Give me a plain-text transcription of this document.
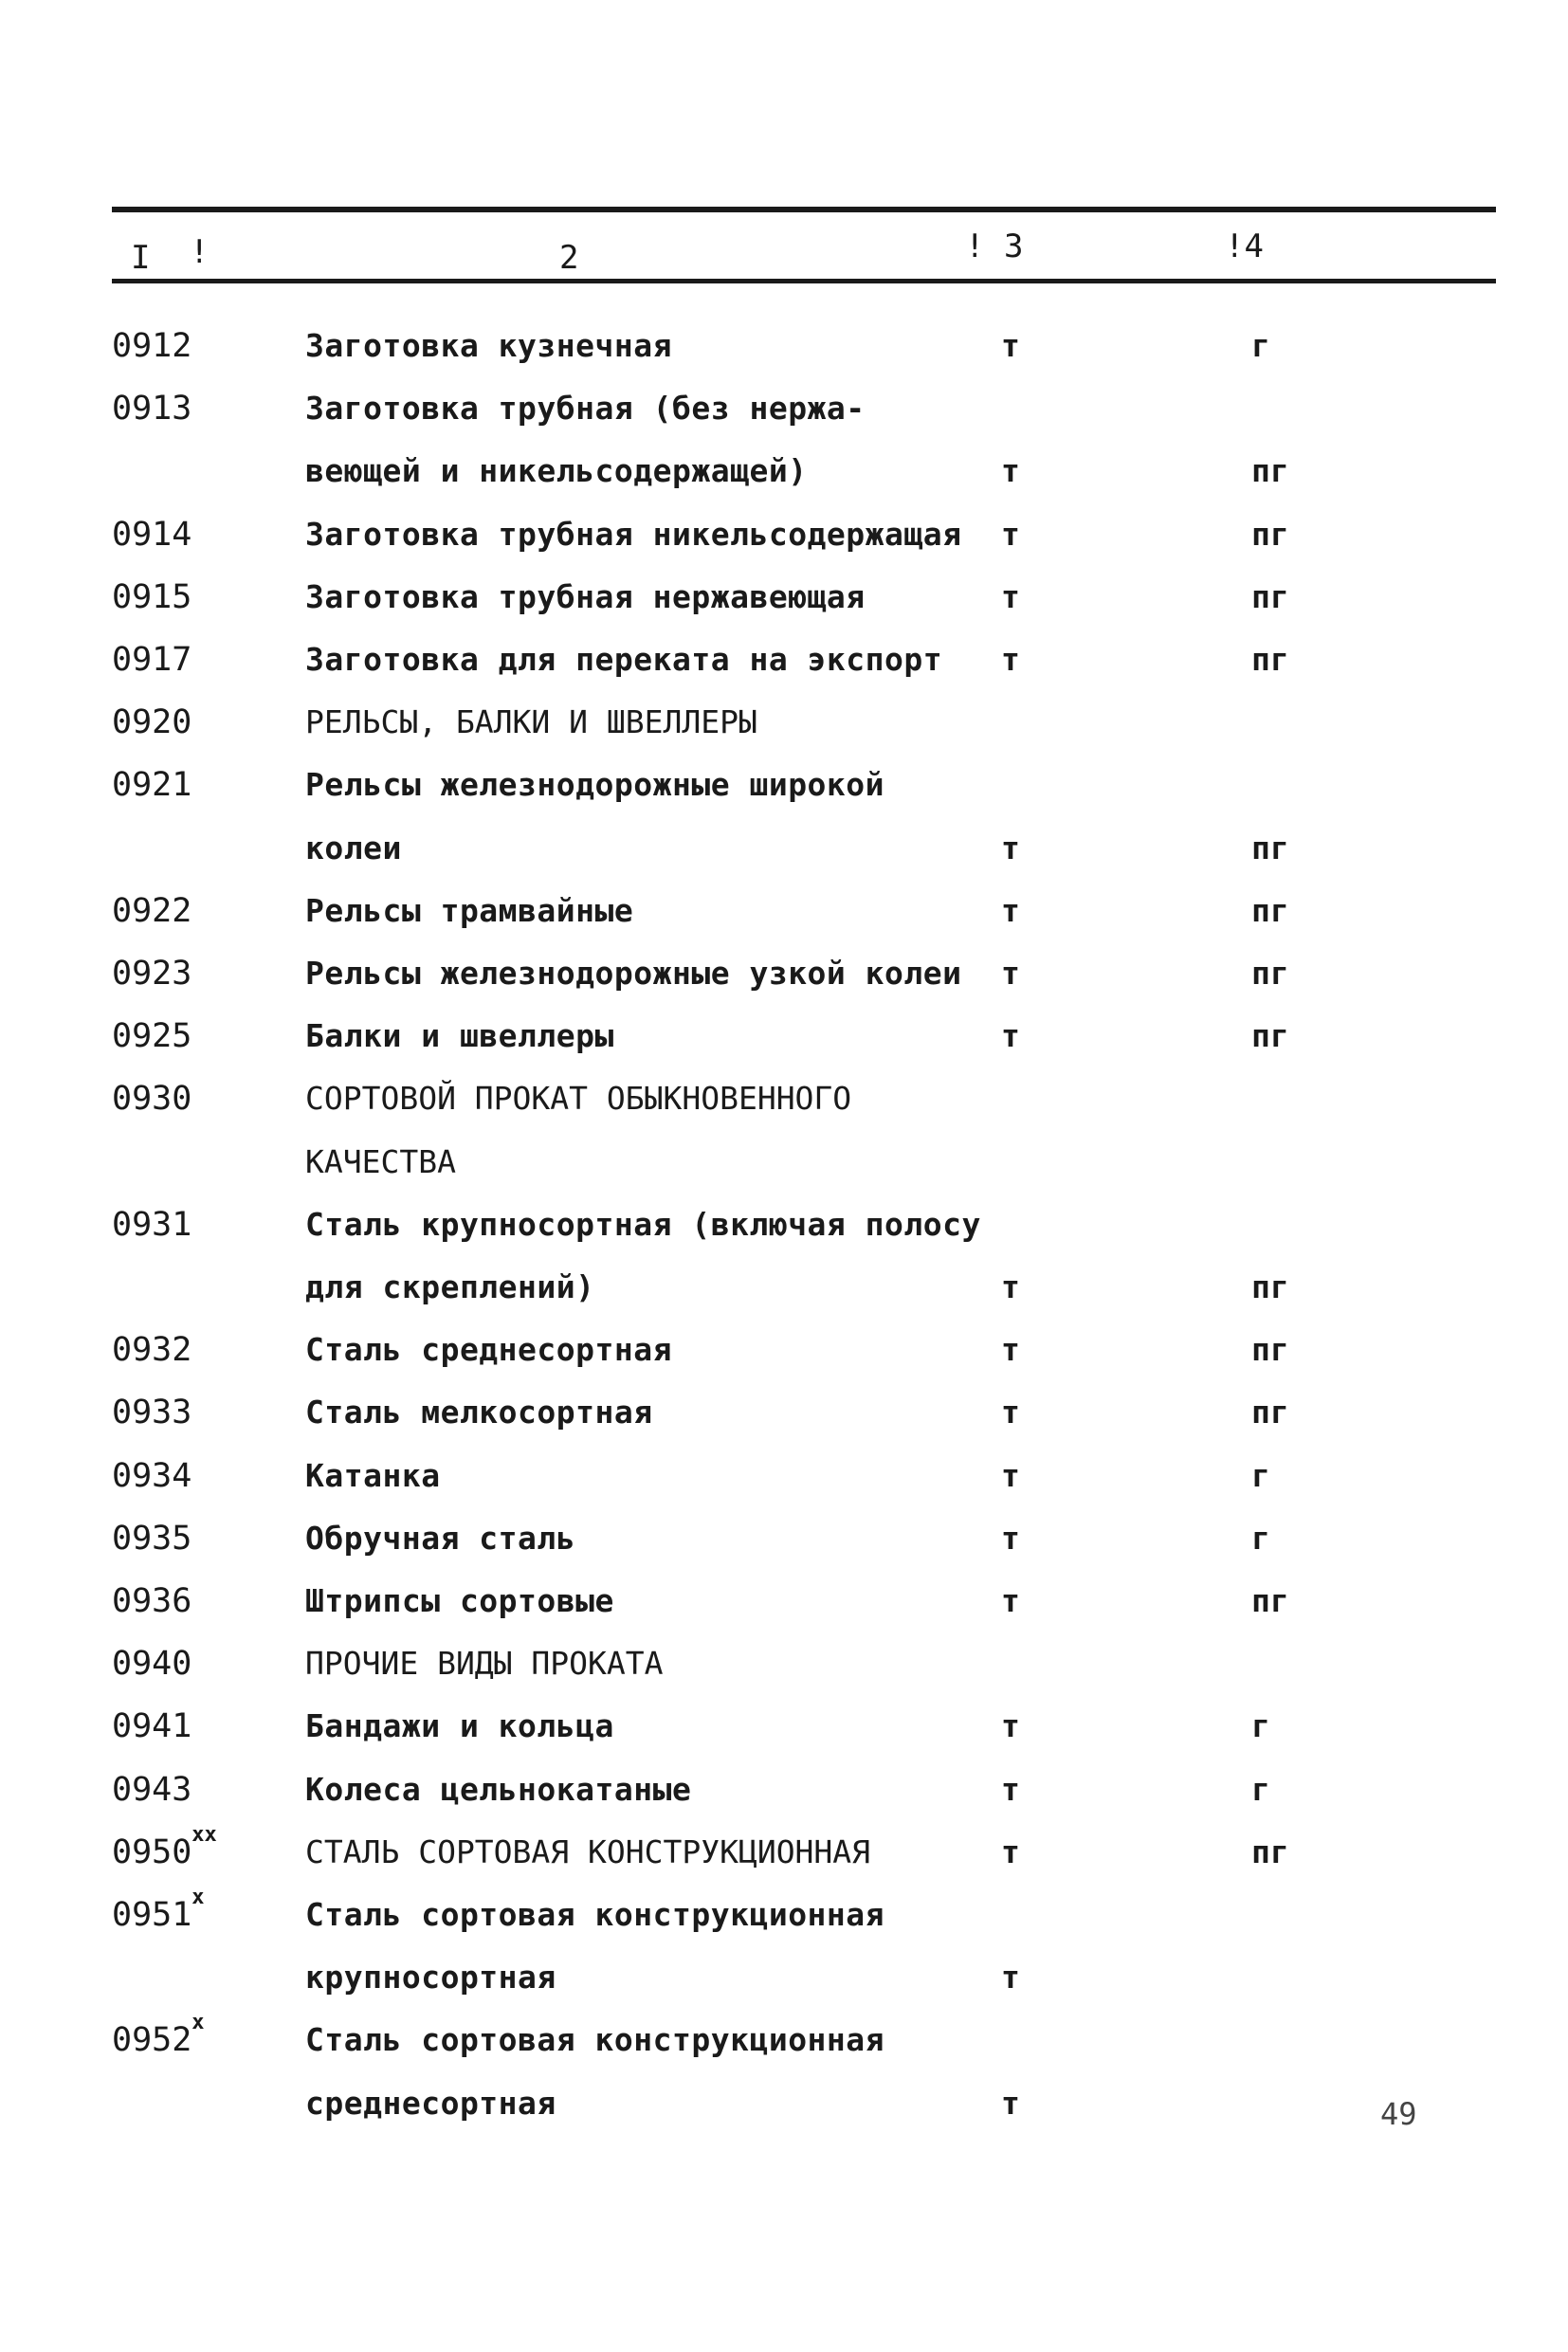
I !	2	! 3	!4
0912	Заготовка кузнечная	т	г
0913	Заготовка трубная (без нержа-
веющей и никельсодержащей)	т	пг
0914	Заготовка трубная никельсодержащая т	пг
0915	Заготовка трубная нержавеющая	т	пг
0917	Заготовка для переката на экспорт т	пг
0920	РЕЛЬСЫ, БАЛКИ И ШВЕЛЛЕРЫ
0921	Рельсы железнодорожные широкой
колеи	т	пг
0922	Рельсы трамвайные	т	пг
0923	Рельсы железнодорожные узкой колеи т	пг
0925	Балки и швеллеры	т	пг
0930	СОРТОВОЙ ПРОКАТ ОБЫКНОВЕННОГО
КАЧЕСТВА
0931	Сталь крупносортная (включая полосу
для скреплений)	т	пг
0932	Сталь среднесортная	т	пг
0933	Сталь мелкосортная	т	пг
0934	Катанка	т	г
0935	Обручная сталь	т	г
0936	Штрипсы сортовые	т	пг
0940	ПРОЧИЕ ВИДЫ ПРОКАТА
0941	Бандажи и кольца	т	г
0943	Колеса цельнокатаные	т	г
0950$^{xx}$	СТАЛЬ СОРТОВАЯ КОНСТРУКЦИОННАЯ	т	пг
0951$^x$	Сталь сортовая конструкционная
крупносортная	т
0952$^x$	Сталь сортовая конструкционная
среднесортная	т	49
